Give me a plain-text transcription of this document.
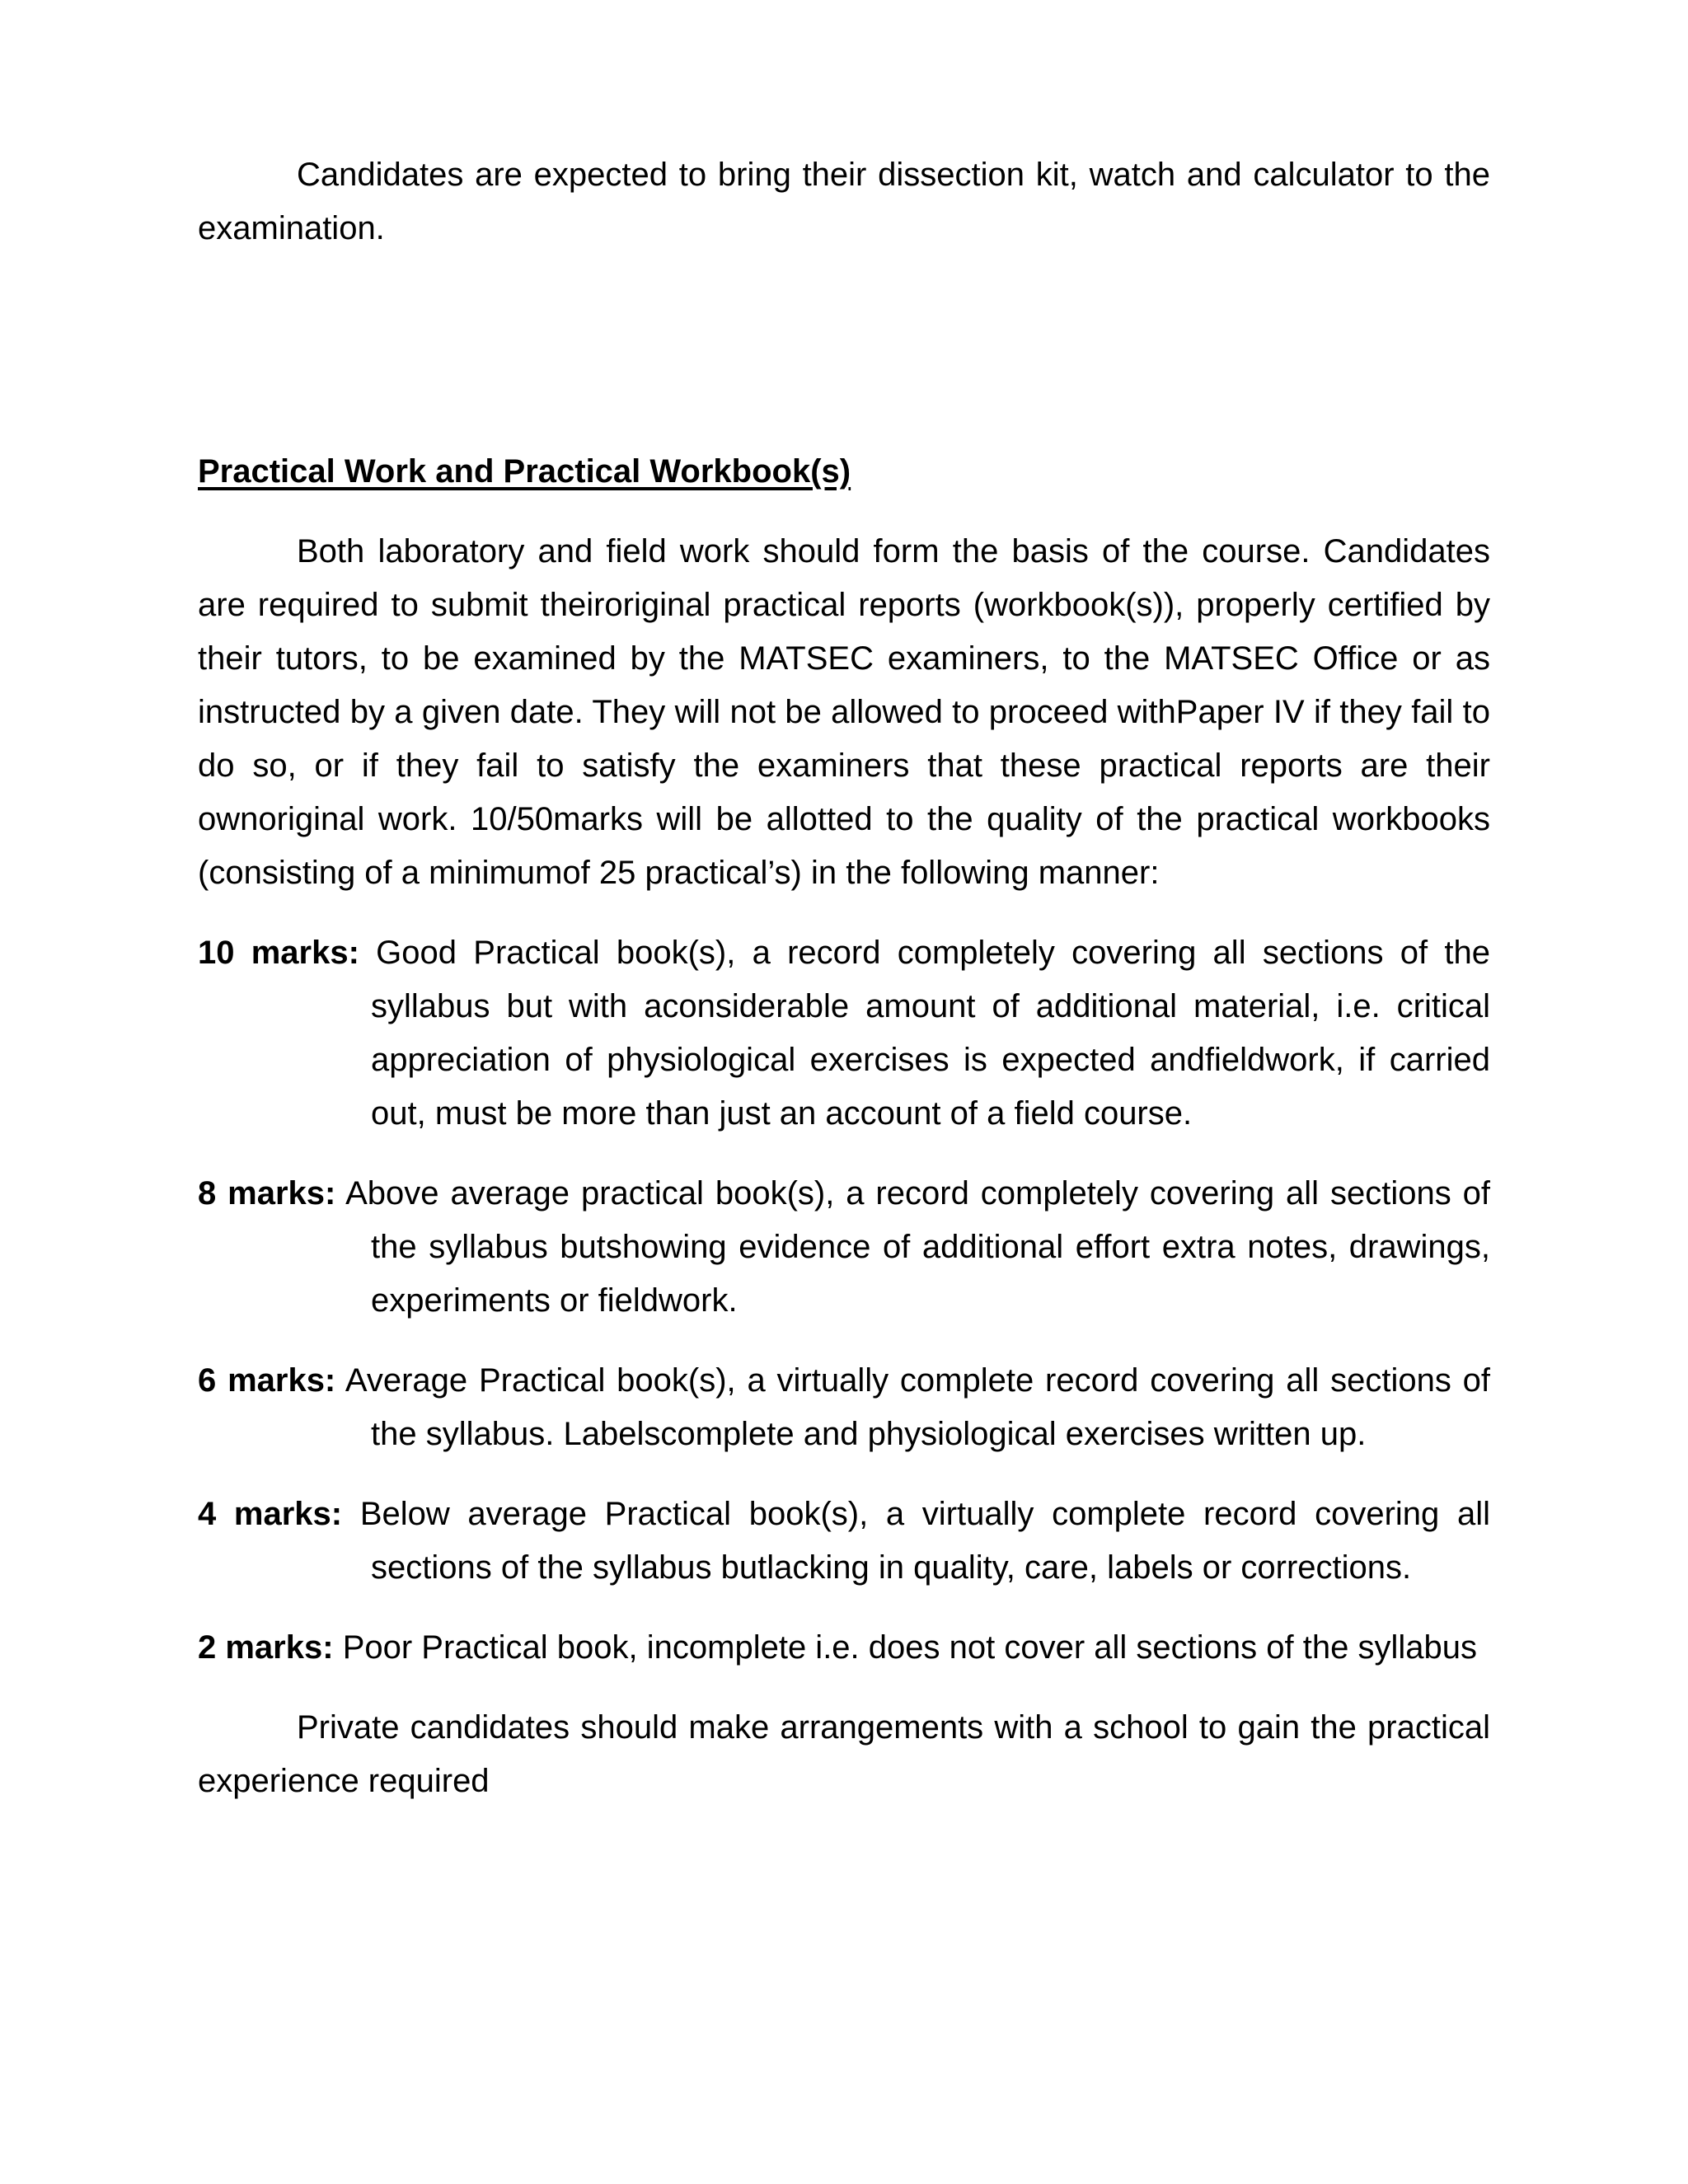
Candidates are expected to bring their dissection kit, watch and calculator to the examination.

Practical Work and Practical Workbook(s)

Both laboratory and field work should form the basis of the course. Candidates are required to submit theiroriginal practical reports (workbook(s)), properly certified by their tutors, to be examined by the MATSEC examiners, to the MATSEC Office or as instructed by a given date. They will not be allowed to proceed withPaper IV if they fail to do so, or if they fail to satisfy the examiners that these practical reports are their ownoriginal work. 10/50marks will be allotted to the quality of the practical workbooks (consisting of a minimumof 25 practical’s) in the following manner:

10 marks: Good Practical book(s), a record completely covering all sections of the syllabus but with aconsiderable amount of additional material, i.e. critical appreciation of physiological exercises is expected andfieldwork, if carried out, must be more than just an account of a field course.

8 marks: Above average practical book(s), a record completely covering all sections of the syllabus butshowing evidence of additional effort extra notes, drawings, experiments or fieldwork.

6 marks: Average Practical book(s), a virtually complete record covering all sections of the syllabus. Labelscomplete and physiological exercises written up.

4 marks: Below average Practical book(s), a virtually complete record covering all sections of the syllabus butlacking in quality, care, labels or corrections.

2 marks: Poor Practical book, incomplete i.e. does not cover all sections of the syllabus

Private candidates should make arrangements with a school to gain the practical experience required
